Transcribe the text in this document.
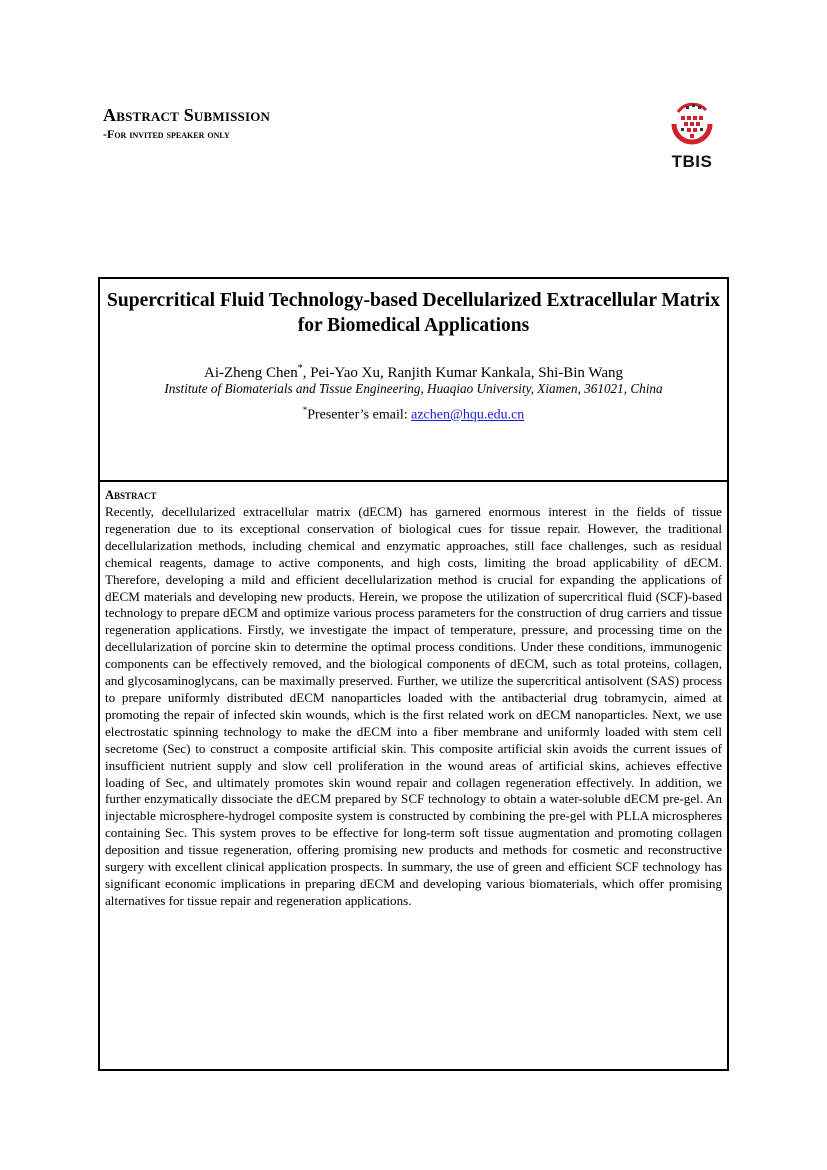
Abstract Submission
-For invited speaker only
TBIS
Supercritical Fluid Technology-based Decellularized Extracellular Matrix for Biomedical Applications
Ai-Zheng Chen*, Pei-Yao Xu, Ranjith Kumar Kankala, Shi-Bin Wang
Institute of Biomaterials and Tissue Engineering, Huaqiao University, Xiamen, 361021, China
*Presenter’s email: azchen@hqu.edu.cn
Abstract
Recently, decellularized extracellular matrix (dECM) has garnered enormous interest in the fields of tissue regeneration due to its exceptional conservation of biological cues for tissue repair. However, the traditional decellularization methods, including chemical and enzymatic approaches, still face challenges, such as residual chemical reagents, damage to active components, and high costs, limiting the broad applicability of dECM. Therefore, developing a mild and efficient decellularization method is crucial for expanding the applications of dECM materials and developing new products. Herein, we propose the utilization of supercritical fluid (SCF)-based technology to prepare dECM and optimize various process parameters for the construction of drug carriers and tissue regeneration applications. Firstly, we investigate the impact of temperature, pressure, and processing time on the decellularization of porcine skin to determine the optimal process conditions. Under these conditions, immunogenic components can be effectively removed, and the biological components of dECM, such as total proteins, collagen, and glycosaminoglycans, can be maximally preserved. Further, we utilize the supercritical antisolvent (SAS) process to prepare uniformly distributed dECM nanoparticles loaded with the antibacterial drug tobramycin, aimed at promoting the repair of infected skin wounds, which is the first related work on dECM nanoparticles. Next, we use electrostatic spinning technology to make the dECM into a fiber membrane and uniformly loaded with stem cell secretome (Sec) to construct a composite artificial skin. This composite artificial skin avoids the current issues of insufficient nutrient supply and slow cell proliferation in the wound areas of artificial skins, achieves effective loading of Sec, and ultimately promotes skin wound repair and collagen regeneration effectively. In addition, we further enzymatically dissociate the dECM prepared by SCF technology to obtain a water-soluble dECM pre-gel. An injectable microsphere-hydrogel composite system is constructed by combining the pre-gel with PLLA microspheres containing Sec. This system proves to be effective for long-term soft tissue augmentation and promoting collagen deposition and tissue regeneration, offering promising new products and methods for cosmetic and reconstructive surgery with excellent clinical application prospects. In summary, the use of green and efficient SCF technology has significant economic implications in preparing dECM and developing various biomaterials, which offer promising alternatives for tissue repair and regeneration applications.
